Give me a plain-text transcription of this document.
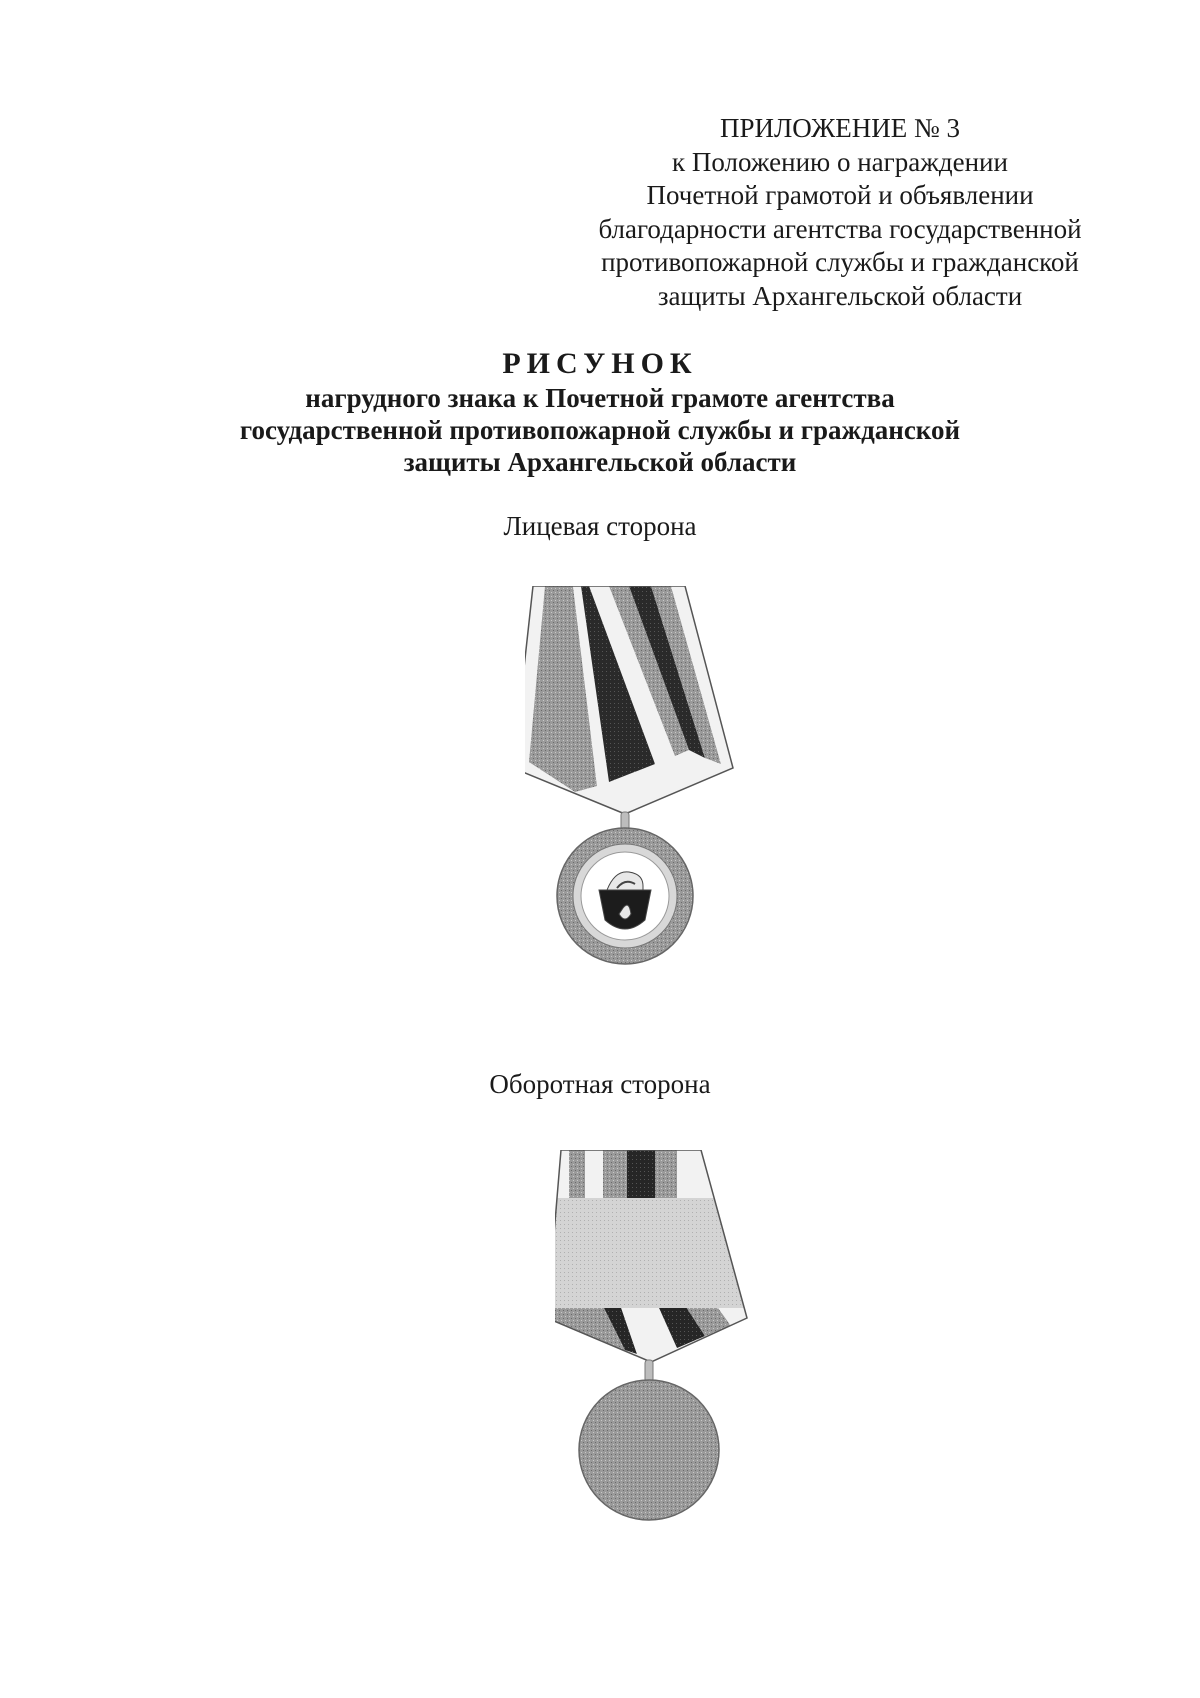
ПРИЛОЖЕНИЕ № 3
к Положению о награждении
Почетной грамотой и объявлении
благодарности агентства государственной
противопожарной службы и гражданской
защиты Архангельской области
РИСУНОК
нагрудного знака к Почетной грамоте агентства
государственной противопожарной службы и гражданской
защиты Архангельской области
Лицевая сторона
Оборотная сторона
